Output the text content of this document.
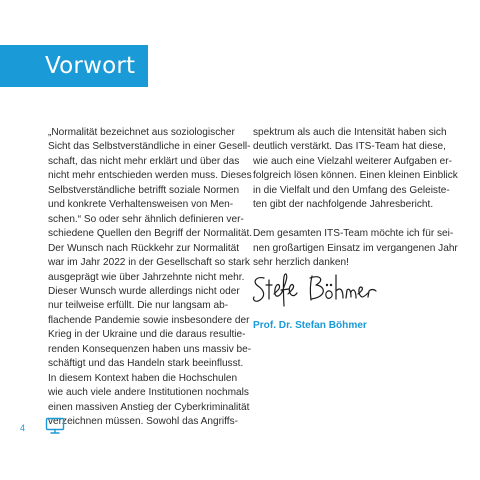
Vorwort
„Normalität bezeichnet aus soziologischer
Sicht das Selbstverständliche in einer Gesell-
schaft, das nicht mehr erklärt und über das
nicht mehr entschieden werden muss. Dieses
Selbstverständliche betrifft soziale Normen
und konkrete Verhaltensweisen von Men-
schen.“ So oder sehr ähnlich definieren ver-
schiedene Quellen den Begriff der Normalität.
Der Wunsch nach Rückkehr zur Normalität
war im Jahr 2022 in der Gesellschaft so stark
ausgeprägt wie über Jahrzehnte nicht mehr.
Dieser Wunsch wurde allerdings nicht oder
nur teilweise erfüllt. Die nur langsam ab-
flachende Pandemie sowie insbesondere der
Krieg in der Ukraine und die daraus resultie-
renden Konsequenzen haben uns massiv be-
schäftigt und das Handeln stark beeinflusst.
In diesem Kontext haben die Hochschulen
wie auch viele andere Institutionen nochmals
einen massiven Anstieg der Cyberkriminalität
verzeichnen müssen. Sowohl das Angriffs-
spektrum als auch die Intensität haben sich
deutlich verstärkt. Das ITS-Team hat diese,
wie auch eine Vielzahl weiterer Aufgaben er-
folgreich lösen können. Einen kleinen Einblick
in die Vielfalt und den Umfang des Geleiste-
ten gibt der nachfolgende Jahresbericht.
Dem gesamten ITS-Team möchte ich für sei-
nen großartigen Einsatz im vergangenen Jahr
sehr herzlich danken!
Prof. Dr. Stefan Böhmer
4
